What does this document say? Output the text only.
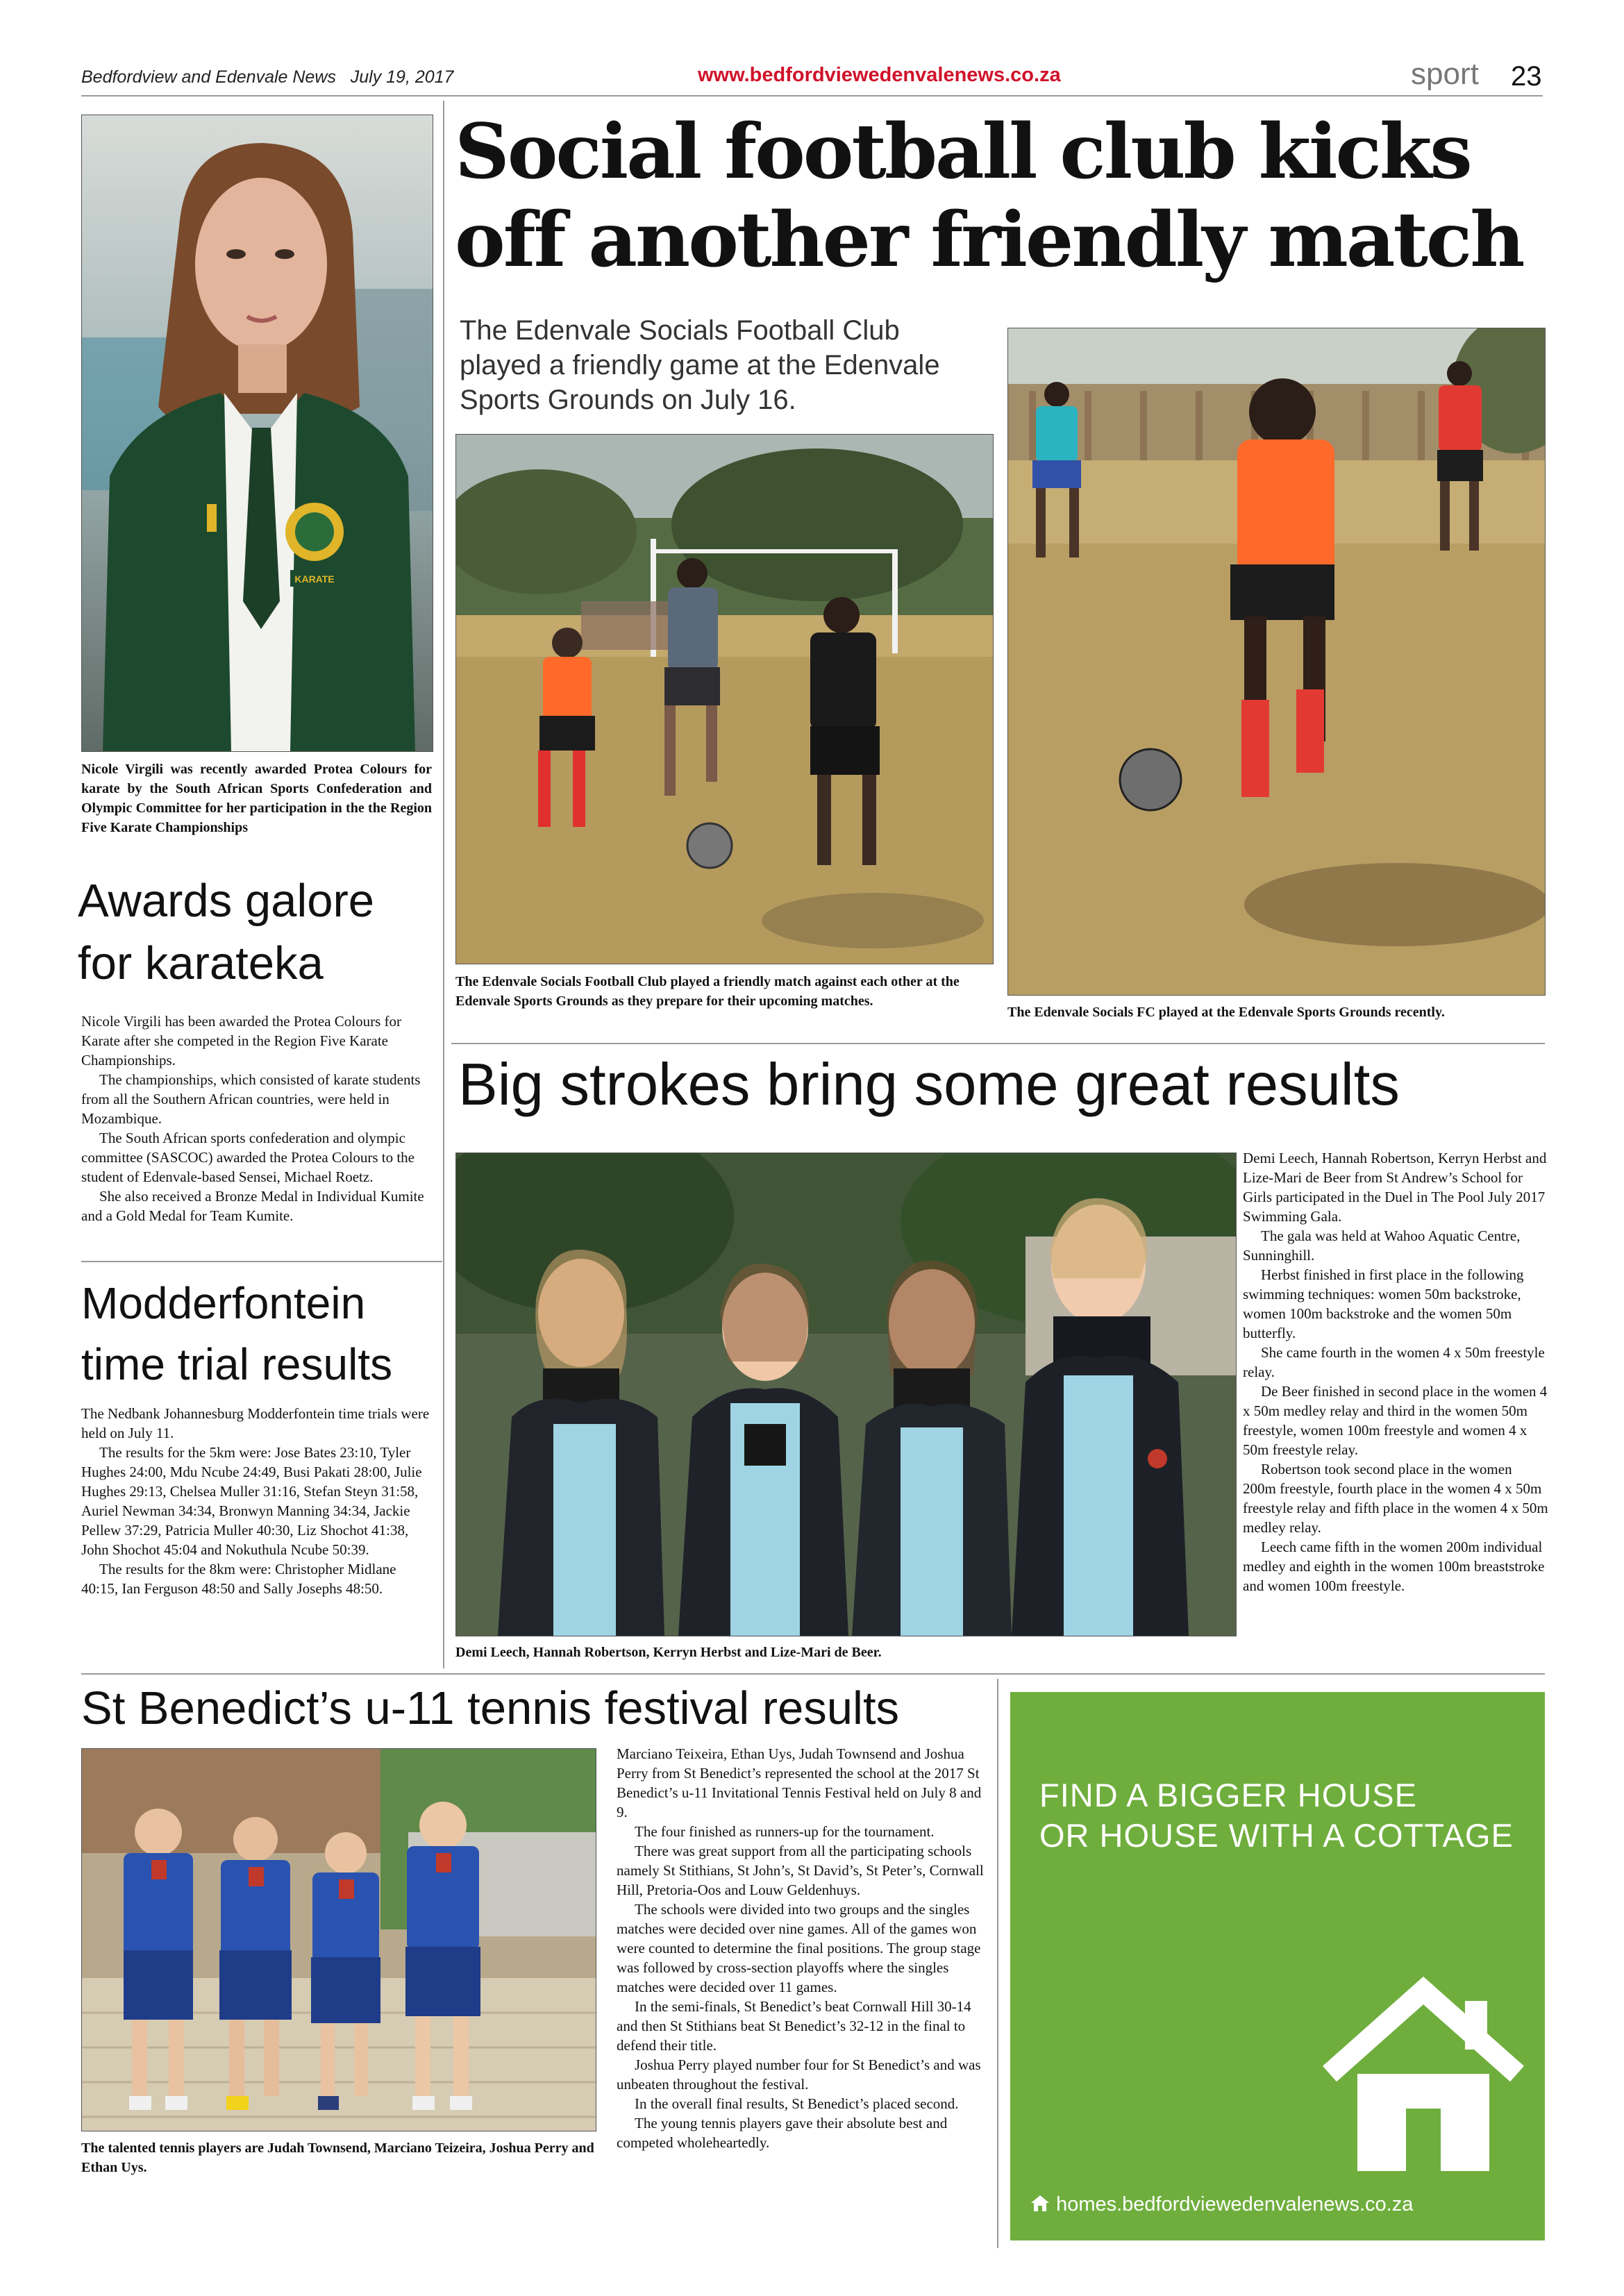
Bedfordview and Edenvale News July 19, 2017	www.bedfordviewedenvalenews.co.za	sport	23
KARATE
Nicole Virgili was recently awarded Protea Colours for karate by the South African Sports Confederation and Olympic Committee for her participation in the the Region Five Karate Championships
Awards galore
for karateka

Nicole Virgili has been awarded the Protea Colours for Karate after she competed in the Region Five Karate Championships.

The championships, which consisted of karate students from all the Southern African countries, were held in Mozambique.

The South African sports confederation and olympic committee (SASCOC) awarded the Protea Colours to the student of Edenvale-based Sensei, Michael Roetz.

She also received a Bronze Medal in Individual Kumite and a Gold Medal for Team Kumite.

Modderfontein
time trial results

The Nedbank Johannesburg Modderfontein time trials were held on July 11.

The results for the 5km were: Jose Bates 23:10, Tyler Hughes 24:00, Mdu Ncube 24:49, Busi Pakati 28:00, Julie Hughes 29:13, Chelsea Muller 31:16, Stefan Steyn 31:58, Auriel Newman 34:34, Bronwyn Manning 34:34, Jackie Pellew 37:29, Patricia Muller 40:30, Liz Shochot 41:38, John Shochot 45:04 and Nokuthula Ncube 50:39.

The results for the 8km were: Christopher Midlane 40:15, Ian Ferguson 48:50 and Sally Josephs 48:50.

Social football club kicks
off another friendly match
The Edenvale Socials Football Club
played a friendly game at the Edenvale
Sports Grounds on July 16.
The Edenvale Socials Football Club played a friendly match against each other at the Edenvale Sports Grounds as they prepare for their upcoming matches.
The Edenvale Socials FC played at the Edenvale Sports Grounds recently.
Big strokes bring some great results
Demi Leech, Hannah Robertson, Kerryn Herbst and Lize-Mari de Beer.

Demi Leech, Hannah Robertson, Kerryn Herbst and Lize-Mari de Beer from St Andrew’s School for Girls participated in the Duel in The Pool July 2017 Swimming Gala.

The gala was held at Wahoo Aquatic Centre, Sunninghill.

Herbst finished in first place in the following swimming techniques: women 50m backstroke, women 100m backstroke and the women 50m butterfly.

She came fourth in the women 4 x 50m freestyle relay.

De Beer finished in second place in the women 4 x 50m medley relay and third in the women 50m freestyle, women 100m freestyle and women 4 x 50m freestyle relay.

Robertson took second place in the women 200m freestyle, fourth place in the women 4 x 50m freestyle relay and fifth place in the women 4 x 50m medley relay.

Leech came fifth in the women 200m individual medley and eighth in the women 100m breaststroke and women 100m freestyle.

St Benedict’s u-11 tennis festival results
The talented tennis players are Judah Townsend, Marciano Teizeira, Joshua Perry and Ethan Uys.

Marciano Teixeira, Ethan Uys, Judah Townsend and Joshua Perry from St Benedict’s represented the school at the 2017 St Benedict’s u-11 Invitational Tennis Festival held on July 8 and 9.

The four finished as runners-up for the tournament.

There was great support from all the participating schools namely St Stithians, St John’s, St David’s, St Peter’s, Cornwall Hill, Pretoria-Oos and Louw Geldenhuys.

The schools were divided into two groups and the singles matches were decided over nine games. All of the games won were counted to determine the final positions. The group stage was followed by cross-section playoffs where the singles matches were decided over 11 games.

In the semi-finals, St Benedict’s beat Cornwall Hill 30-14 and then St Stithians beat St Benedict’s 32-12 in the final to defend their title.

Joshua Perry played number four for St Benedict’s and was unbeaten throughout the festival.

In the overall final results, St Benedict’s placed second.

The young tennis players gave their absolute best and competed wholeheartedly.

FIND A BIGGER HOUSE
OR HOUSE WITH A COTTAGE
homes.bedfordviewedenvalenews.co.za
